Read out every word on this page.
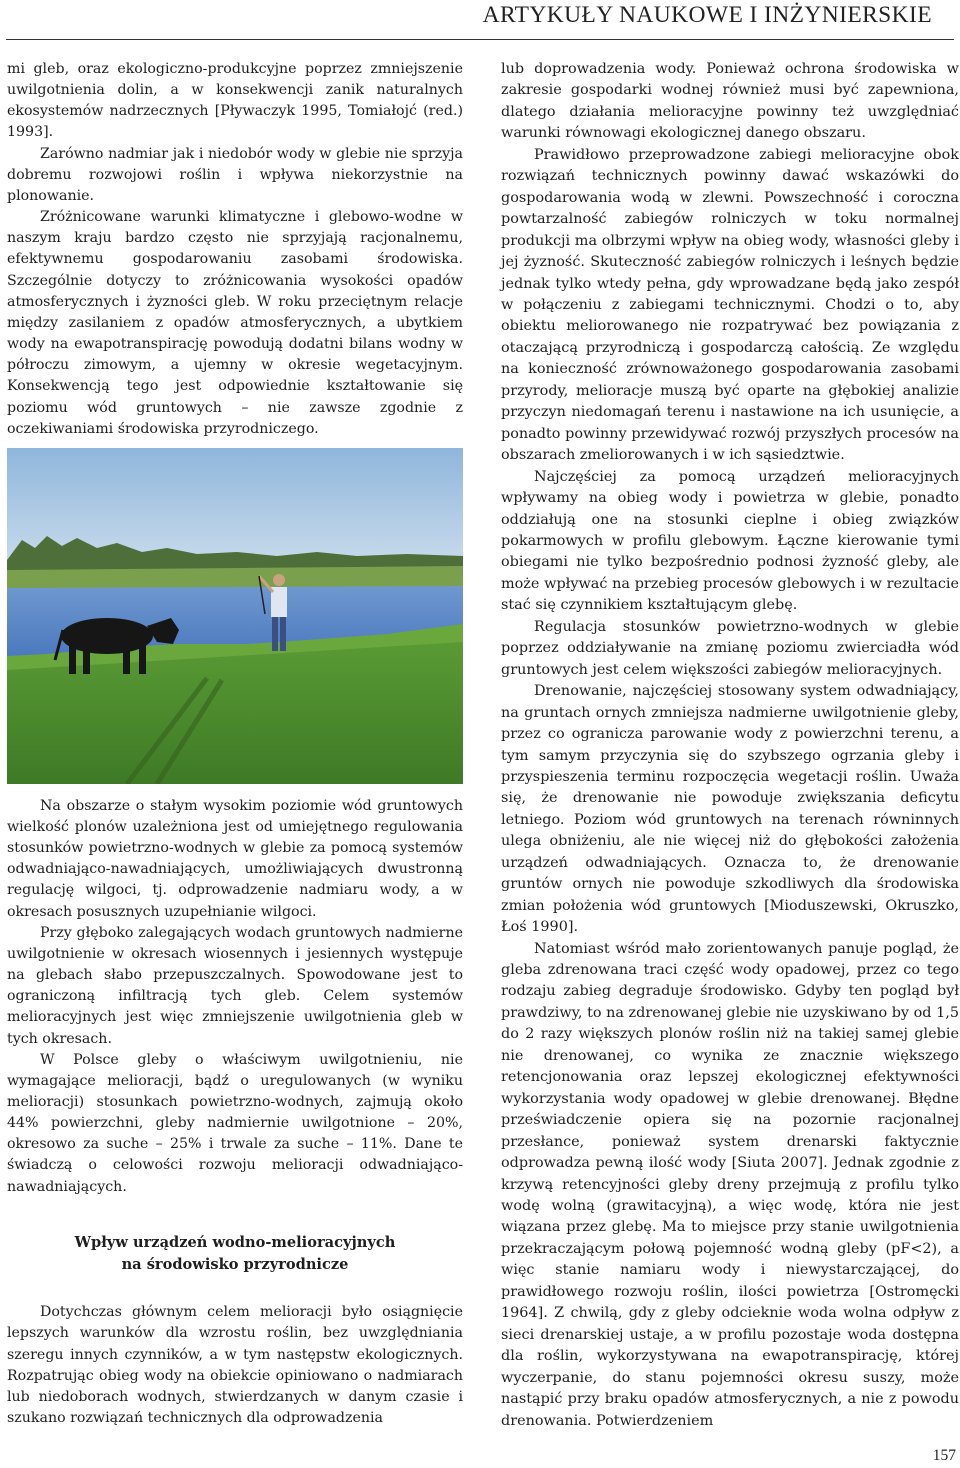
ARTYKUŁY NAUKOWE I INŻYNIERSKIE

mi gleb, oraz ekologiczno-produkcyjne poprzez zmniejszenie uwilgotnienia dolin, a w konsekwencji zanik naturalnych ekosystemów nadrzecznych [Pływaczyk 1995, Tomiałojć (red.) 1993].

Zarówno nadmiar jak i niedobór wody w glebie nie sprzyja dobremu rozwojowi roślin i wpływa niekorzystnie na plonowanie.

Zróżnicowane warunki klimatyczne i glebowo-wodne w naszym kraju bardzo często nie sprzyjają racjonalnemu, efektywnemu gospodarowaniu zasobami środowiska. Szczególnie dotyczy to zróżnicowania wysokości opadów atmosferycznych i żyzności gleb. W roku przeciętnym relacje między zasilaniem z opadów atmosferycznych, a ubytkiem wody na ewapotranspirację powodują dodatni bilans wodny w półroczu zimowym, a ujemny w okresie wegetacyjnym. Konsekwencją tego jest odpowiednie kształtowanie się poziomu wód gruntowych – nie zawsze zgodnie z oczekiwaniami środowiska przyrodniczego.

Na obszarze o stałym wysokim poziomie wód gruntowych wielkość plonów uzależniona jest od umiejętnego regulowania stosunków powietrzno-wodnych w glebie za pomocą systemów odwadniająco-nawadniających, umożliwiających dwustronną regulację wilgoci, tj. odprowadzenie nadmiaru wody, a w okresach posusznych uzupełnianie wilgoci.

Przy głęboko zalegających wodach gruntowych nadmierne uwilgotnienie w okresach wiosennych i jesiennych występuje na glebach słabo przepuszczalnych. Spowodowane jest to ograniczoną infiltracją tych gleb. Celem systemów melioracyjnych jest więc zmniejszenie uwilgotnienia gleb w tych okresach.

W Polsce gleby o właściwym uwilgotnieniu, nie wymagające melioracji, bądź o uregulowanych (w wyniku melioracji) stosunkach powietrzno-wodnych, zajmują około 44% powierzchni, gleby nadmiernie uwilgotnione – 20%, okresowo za suche – 25% i trwale za suche – 11%. Dane te świadczą o celowości rozwoju melioracji odwadniająco-nawadniających.

Wpływ urządzeń wodno-melioracyjnych
na środowisko przyrodnicze

Dotychczas głównym celem melioracji było osiągnięcie lepszych warunków dla wzrostu roślin, bez uwzględniania szeregu innych czynników, a w tym następstw ekologicznych. Rozpatrując obieg wody na obiekcie opiniowano o nadmiarach lub niedoborach wodnych, stwierdzanych w danym czasie i szukano rozwiązań technicznych dla odprowadzenia

lub doprowadzenia wody. Ponieważ ochrona środowiska w zakresie gospodarki wodnej również musi być zapewniona, dlatego działania melioracyjne powinny też uwzględniać warunki równowagi ekologicznej danego obszaru.

Prawidłowo przeprowadzone zabiegi melioracyjne obok rozwiązań technicznych powinny dawać wskazówki do gospodarowania wodą w zlewni. Powszechność i coroczna powtarzalność zabiegów rolniczych w toku normalnej produkcji ma olbrzymi wpływ na obieg wody, własności gleby i jej żyzność. Skuteczność zabiegów rolniczych i leśnych będzie jednak tylko wtedy pełna, gdy wprowadzane będą jako zespół w połączeniu z zabiegami technicznymi. Chodzi o to, aby obiektu meliorowanego nie rozpatrywać bez powiązania z otaczającą przyrodniczą i gospodarczą całością. Ze względu na konieczność zrównoważonego gospodarowania zasobami przyrody, melioracje muszą być oparte na głębokiej analizie przyczyn niedomagań terenu i nastawione na ich usunięcie, a ponadto powinny przewidywać rozwój przyszłych procesów na obszarach zmeliorowanych i w ich sąsiedztwie.

Najczęściej za pomocą urządzeń melioracyjnych wpływamy na obieg wody i powietrza w glebie, ponadto oddziałują one na stosunki cieplne i obieg związków pokarmowych w profilu glebowym. Łączne kierowanie tymi obiegami nie tylko bezpośrednio podnosi żyzność gleby, ale może wpływać na przebieg procesów glebowych i w rezultacie stać się czynnikiem kształtującym glebę.

Regulacja stosunków powietrzno-wodnych w glebie poprzez oddziaływanie na zmianę poziomu zwierciadła wód gruntowych jest celem większości zabiegów melioracyjnych.

Drenowanie, najczęściej stosowany system odwadniający, na gruntach ornych zmniejsza nadmierne uwilgotnienie gleby, przez co ogranicza parowanie wody z powierzchni terenu, a tym samym przyczynia się do szybszego ogrzania gleby i przyspieszenia terminu rozpoczęcia wegetacji roślin. Uważa się, że drenowanie nie powoduje zwiększania deficytu letniego. Poziom wód gruntowych na terenach równinnych ulega obniżeniu, ale nie więcej niż do głębokości założenia urządzeń odwadniających. Oznacza to, że drenowanie gruntów ornych nie powoduje szkodliwych dla środowiska zmian położenia wód gruntowych [Mioduszewski, Okruszko, Łoś 1990].

Natomiast wśród mało zorientowanych panuje pogląd, że gleba zdrenowana traci część wody opadowej, przez co tego rodzaju zabieg degraduje środowisko. Gdyby ten pogląd był prawdziwy, to na zdrenowanej glebie nie uzyskiwano by od 1,5 do 2 razy większych plonów roślin niż na takiej samej glebie nie drenowanej, co wynika ze znacznie większego retencjonowania oraz lepszej ekologicznej efektywności wykorzystania wody opadowej w glebie drenowanej. Błędne przeświadczenie opiera się na pozornie racjonalnej przesłance, ponieważ system drenarski faktycznie odprowadza pewną ilość wody [Siuta 2007]. Jednak zgodnie z krzywą retencyjności gleby dreny przejmują z profilu tylko wodę wolną (grawitacyjną), a więc wodę, która nie jest wiązana przez glebę. Ma to miejsce przy stanie uwilgotnienia przekraczającym połową pojemność wodną gleby (pF<2), a więc stanie namiaru wody i niewystarczającej, do prawidłowego rozwoju roślin, ilości powietrza [Ostromęcki 1964]. Z chwilą, gdy z gleby odcieknie woda wolna odpływ z sieci drenarskiej ustaje, a w profilu pozostaje woda dostępna dla roślin, wykorzystywana na ewapotranspirację, której wyczerpanie, do stanu pojemności okresu suszy, może nastąpić przy braku opadów atmosferycznych, a nie z powodu drenowania. Potwierdzeniem

157
